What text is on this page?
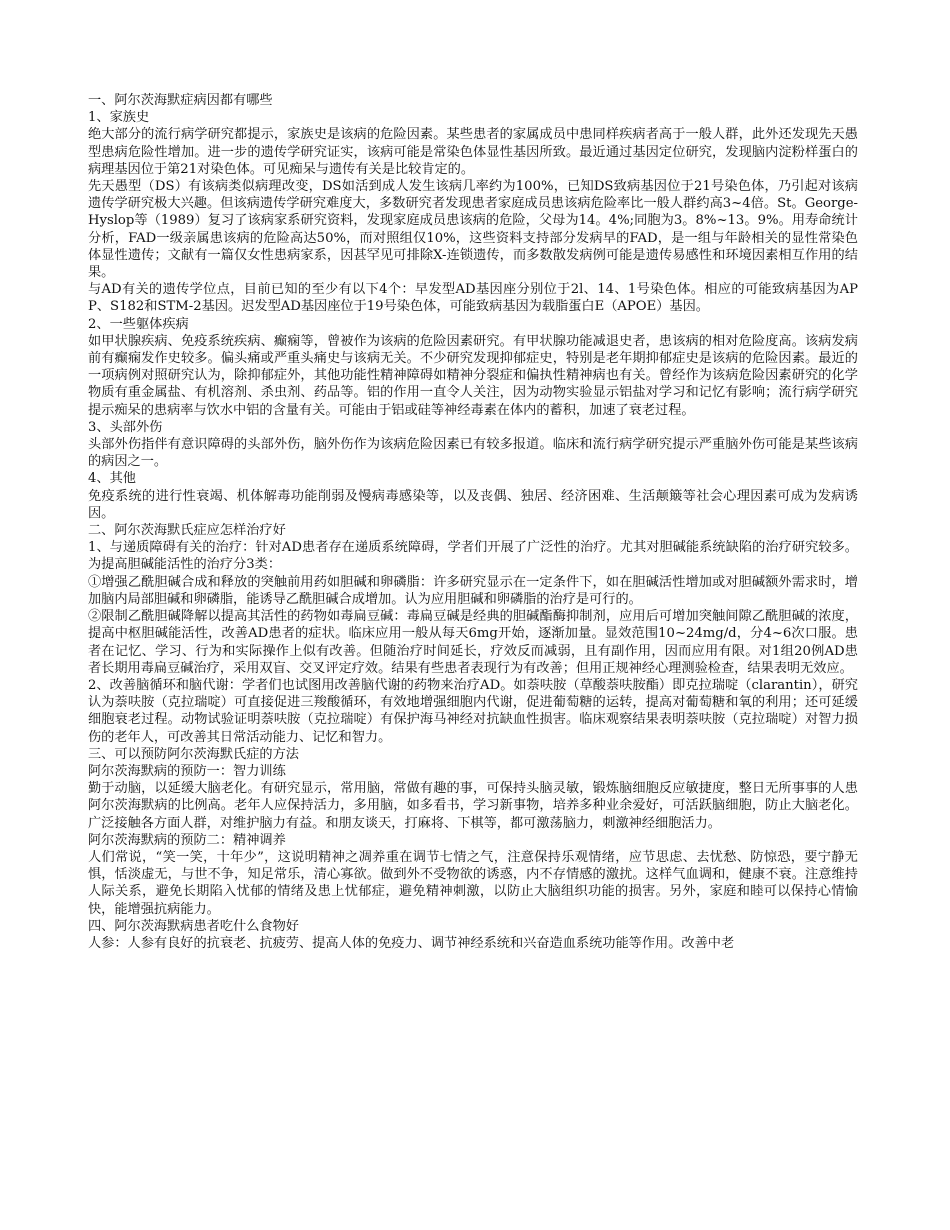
一、阿尔茨海默症病因都有哪些

1、家族史

绝大部分的流行病学研究都提示，家族史是该病的危险因素。某些患者的家属成员中患同样疾病者高于一般人群，此外还发现先天愚型患病危险性增加。进一步的遗传学研究证实，该病可能是常染色体显性基因所致。最近通过基因定位研究，发现脑内淀粉样蛋白的病理基因位于第21对染色体。可见痴呆与遗传有关是比较肯定的。

先天愚型（DS）有该病类似病理改变，DS如活到成人发生该病几率约为100%，已知DS致病基因位于21号染色体，乃引起对该病遗传学研究极大兴趣。但该病遗传学研究难度大，多数研究者发现患者家庭成员患该病危险率比一般人群约高3~4倍。St。George-Hyslop等（1989）复习了该病家系研究资料，发现家庭成员患该病的危险，父母为14。4%;同胞为3。8%~13。9%。用寿命统计分析，FAD一级亲属患该病的危险高达50%，而对照组仅10%，这些资料支持部分发病早的FAD，是一组与年龄相关的显性常染色体显性遗传；文献有一篇仅女性患病家系，因甚罕见可排除X-连锁遗传，而多数散发病例可能是遗传易感性和环境因素相互作用的结果。

与AD有关的遗传学位点，目前已知的至少有以下4个：早发型AD基因座分别位于2l、14、1号染色体。相应的可能致病基因为APP、S182和STM-2基因。迟发型AD基因座位于19号染色体，可能致病基因为载脂蛋白E（APOE）基因。

2、一些躯体疾病

如甲状腺疾病、免疫系统疾病、癫痫等，曾被作为该病的危险因素研究。有甲状腺功能减退史者，患该病的相对危险度高。该病发病前有癫痫发作史较多。偏头痛或严重头痛史与该病无关。不少研究发现抑郁症史，特别是老年期抑郁症史是该病的危险因素。最近的一项病例对照研究认为，除抑郁症外，其他功能性精神障碍如精神分裂症和偏执性精神病也有关。曾经作为该病危险因素研究的化学物质有重金属盐、有机溶剂、杀虫剂、药品等。铝的作用一直令人关注，因为动物实验显示铝盐对学习和记忆有影响；流行病学研究提示痴呆的患病率与饮水中铝的含量有关。可能由于铝或硅等神经毒素在体内的蓄积，加速了衰老过程。

3、头部外伤

头部外伤指伴有意识障碍的头部外伤，脑外伤作为该病危险因素已有较多报道。临床和流行病学研究提示严重脑外伤可能是某些该病的病因之一。

4、其他

免疫系统的进行性衰竭、机体解毒功能削弱及慢病毒感染等，以及丧偶、独居、经济困难、生活颠簸等社会心理因素可成为发病诱因。

二、阿尔茨海默氏症应怎样治疗好

1、与递质障碍有关的治疗：针对AD患者存在递质系统障碍，学者们开展了广泛性的治疗。尤其对胆碱能系统缺陷的治疗研究较多。为提高胆碱能活性的治疗分3类：

①增强乙酰胆碱合成和释放的突触前用药如胆碱和卵磷脂：许多研究显示在一定条件下，如在胆碱活性增加或对胆碱额外需求时，增加脑内局部胆碱和卵磷脂，能诱导乙酰胆碱合成增加。认为应用胆碱和卵磷脂的治疗是可行的。

②限制乙酰胆碱降解以提高其活性的药物如毒扁豆碱：毒扁豆碱是经典的胆碱酯酶抑制剂，应用后可增加突触间隙乙酰胆碱的浓度，提高中枢胆碱能活性，改善AD患者的症状。临床应用一般从每天6mg开始，逐渐加量。显效范围10~24mg/d，分4~6次口服。患者在记忆、学习、行为和实际操作上似有改善。但随治疗时间延长，疗效反而减弱，且有副作用，因而应用有限。对1组20例AD患者长期用毒扁豆碱治疗，采用双盲、交叉评定疗效。结果有些患者表现行为有改善；但用正规神经心理测验检查，结果表明无效应。

2、改善脑循环和脑代谢：学者们也试图用改善脑代谢的药物来治疗AD。如萘呋胺（草酸萘呋胺酯）即克拉瑞啶（clarantin），研究认为萘呋胺（克拉瑞啶）可直接促进三羧酸循环，有效地增强细胞内代谢，促进葡萄糖的运转，提高对葡萄糖和氧的利用；还可延缓细胞衰老过程。动物试验证明萘呋胺（克拉瑞啶）有保护海马神经对抗缺血性损害。临床观察结果表明萘呋胺（克拉瑞啶）对智力损伤的老年人，可改善其日常活动能力、记忆和智力。

三、可以预防阿尔茨海默氏症的方法

阿尔茨海默病的预防一：智力训练

勤于动脑，以延缓大脑老化。有研究显示，常用脑，常做有趣的事，可保持头脑灵敏，锻炼脑细胞反应敏捷度，整日无所事事的人患阿尔茨海默病的比例高。老年人应保持活力，多用脑，如多看书，学习新事物，培养多种业余爱好，可活跃脑细胞，防止大脑老化。广泛接触各方面人群，对维护脑力有益。和朋友谈天，打麻将、下棋等，都可激荡脑力，刺激神经细胞活力。

阿尔茨海默病的预防二：精神调养

人们常说，“笑一笑，十年少”，这说明精神之凋养重在调节七情之气，注意保持乐观情绪，应节思虑、去忧愁、防惊恐，要宁静无惧，恬淡虚无，与世不争，知足常乐，清心寡欲。做到外不受物欲的诱惑，内不存情感的激扰。这样气血调和，健康不衰。注意维持人际关系，避免长期陷入忧郁的情绪及患上忧郁症，避免精神刺激，以防止大脑组织功能的损害。另外，家庭和睦可以保持心情愉快，能增强抗病能力。

四、阿尔茨海默病患者吃什么食物好

人参：人参有良好的抗衰老、抗疲劳、提高人体的免疫力、调节神经系统和兴奋造血系统功能等作用。改善中老
